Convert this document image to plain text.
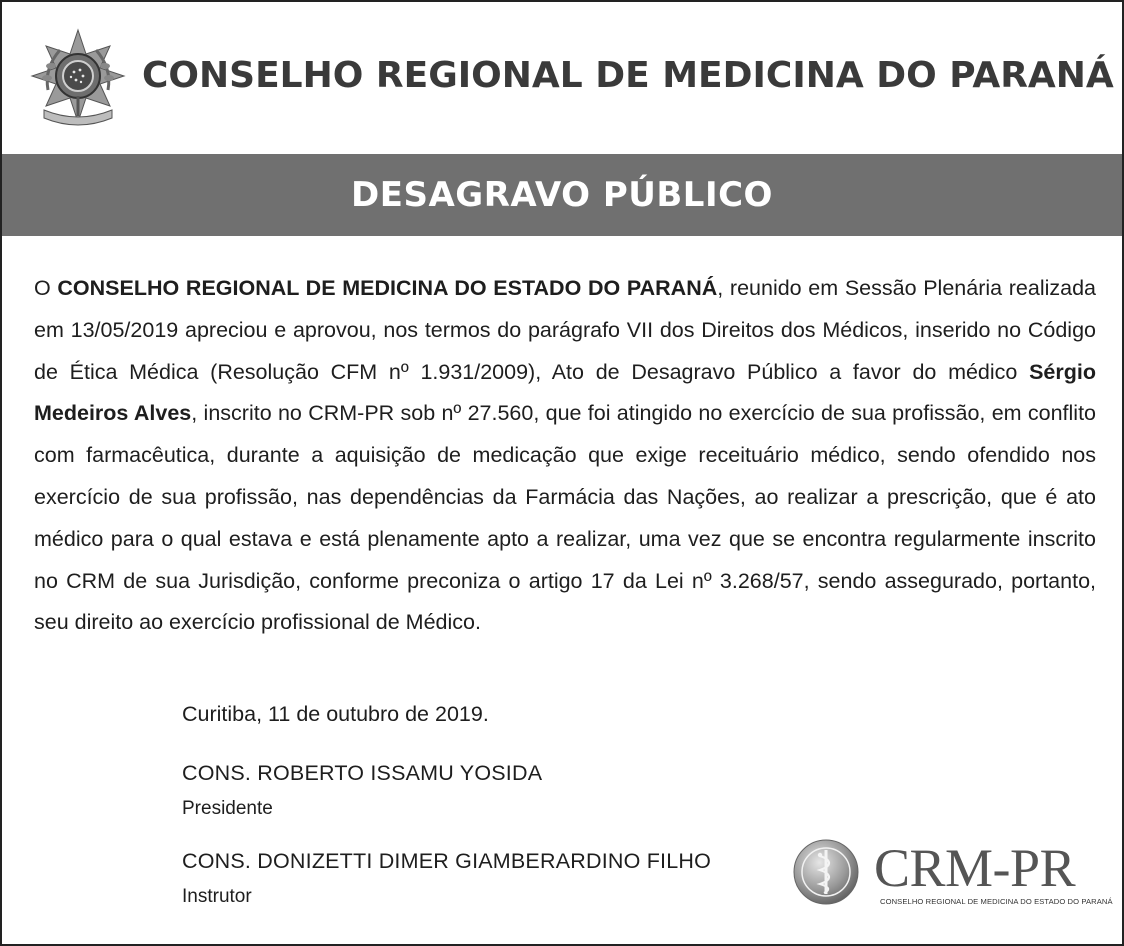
CONSELHO REGIONAL DE MEDICINA DO PARANÁ
DESAGRAVO PÚBLICO
O CONSELHO REGIONAL DE MEDICINA DO ESTADO DO PARANÁ, reunido em Sessão Plenária realizada em 13/05/2019 apreciou e aprovou, nos termos do parágrafo VII dos Direitos dos Médicos, inserido no Código de Ética Médica (Resolução CFM nº 1.931/2009), Ato de Desagravo Público a favor do médico Sérgio Medeiros Alves, inscrito no CRM-PR sob nº 27.560, que foi atingido no exercício de sua profissão, em conflito com farmacêutica, durante a aquisição de medicação que exige receituário médico, sendo ofendido nos exercício de sua profissão, nas dependências da Farmácia das Nações, ao realizar a prescrição, que é ato médico para o qual estava e está plenamente apto a realizar, uma vez que se encontra regularmente inscrito no CRM de sua Jurisdição, conforme preconiza o artigo 17 da Lei nº 3.268/57, sendo assegurado, portanto, seu direito ao exercício profissional de Médico.
Curitiba, 11 de outubro de 2019.
CONS. ROBERTO ISSAMU YOSIDA
Presidente
CONS. DONIZETTI DIMER GIAMBERARDINO FILHO
Instrutor	CRM-PR
CONSELHO REGIONAL DE MEDICINA DO ESTADO DO PARANÁ
